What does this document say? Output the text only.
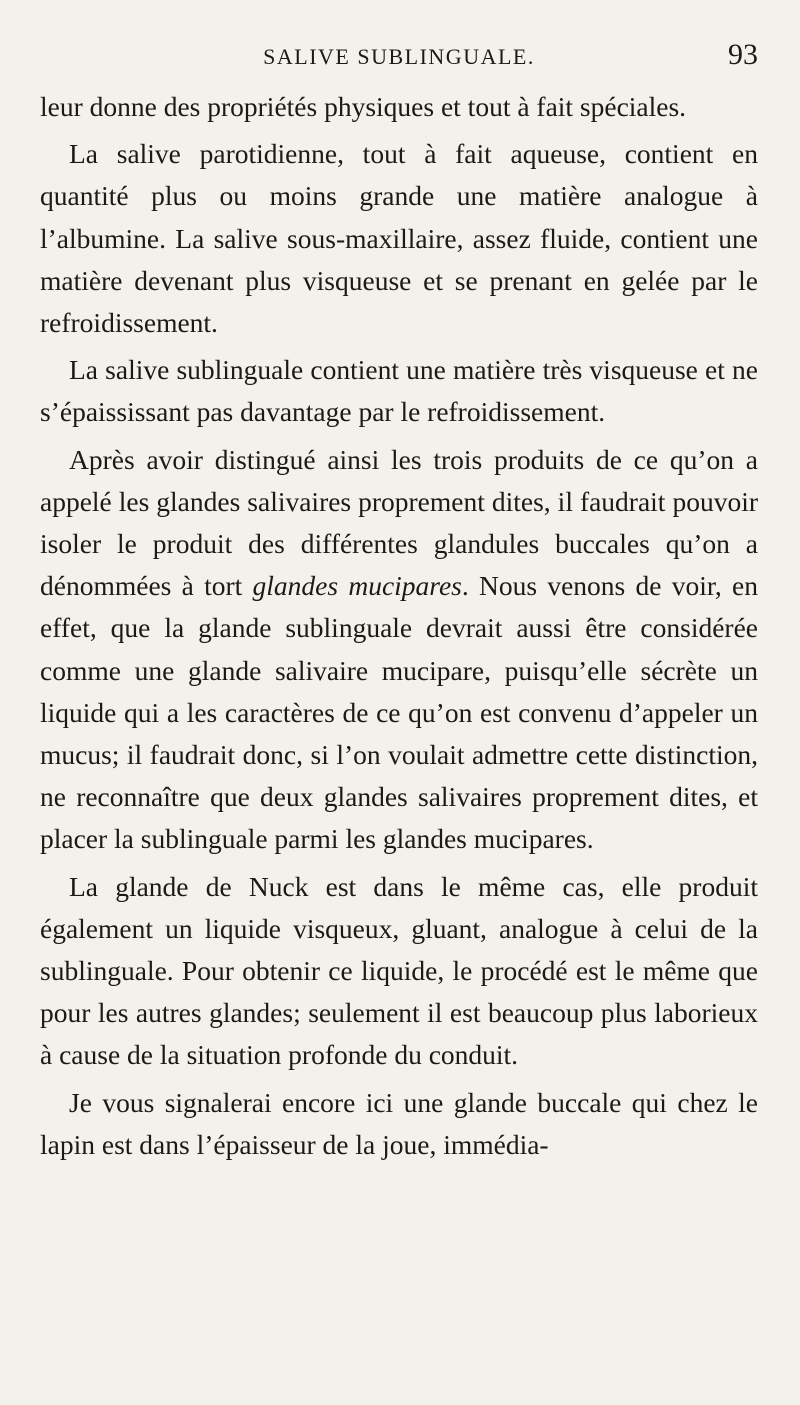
SALIVE SUBLINGUALE.	93

leur donne des propriétés physiques et tout à fait spéciales.

La salive parotidienne, tout à fait aqueuse, contient en quantité plus ou moins grande une matière analogue à l’albumine. La salive sous-maxillaire, assez fluide, contient une matière devenant plus visqueuse et se prenant en gelée par le refroidissement.

La salive sublinguale contient une matière très visqueuse et ne s’épaississant pas davantage par le refroidissement.

Après avoir distingué ainsi les trois produits de ce qu’on a appelé les glandes salivaires proprement dites, il faudrait pouvoir isoler le produit des différentes glandules buccales qu’on a dénommées à tort glandes mucipares. Nous venons de voir, en effet, que la glande sublinguale devrait aussi être considérée comme une glande salivaire mucipare, puisqu’elle sécrète un liquide qui a les caractères de ce qu’on est convenu d’appeler un mucus; il faudrait donc, si l’on voulait admettre cette distinction, ne reconnaître que deux glandes salivaires proprement dites, et placer la sublinguale parmi les glandes mucipares.

La glande de Nuck est dans le même cas, elle produit également un liquide visqueux, gluant, analogue à celui de la sublinguale. Pour obtenir ce liquide, le procédé est le même que pour les autres glandes; seulement il est beaucoup plus laborieux à cause de la situation profonde du conduit.

Je vous signalerai encore ici une glande buccale qui chez le lapin est dans l’épaisseur de la joue, immédia-
